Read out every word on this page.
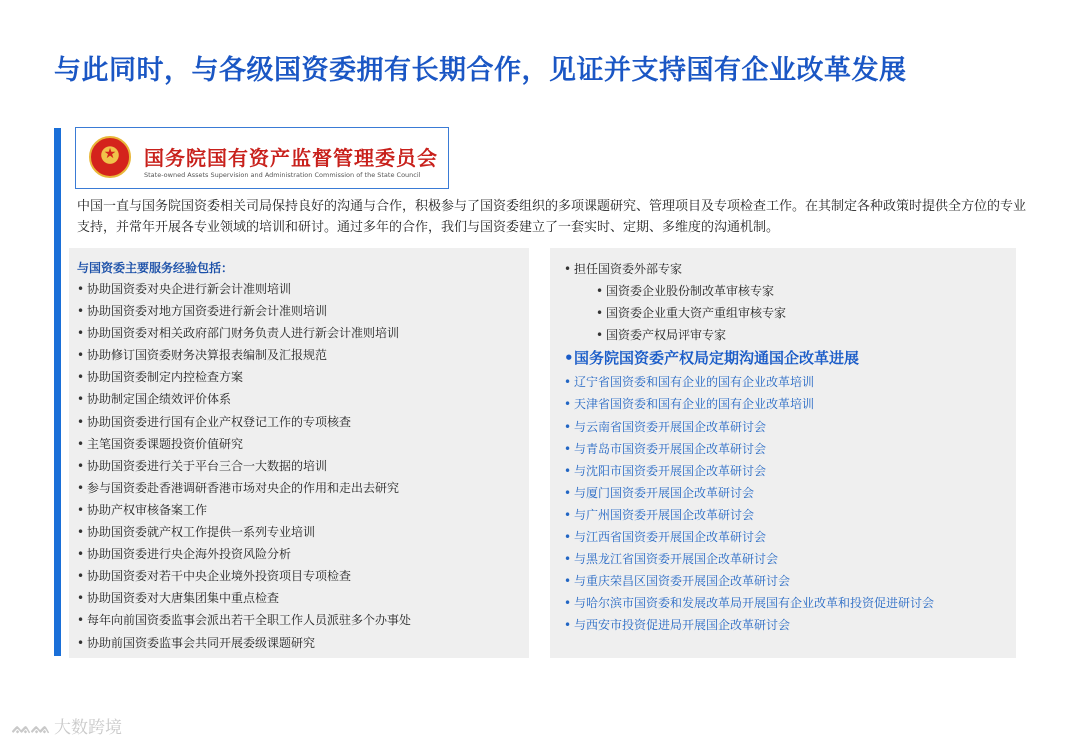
与此同时，与各级国资委拥有长期合作，见证并支持国有企业改革发展
★	国务院国有资产监督管理委员会
State-owned Assets Supervision and Administration Commission of the State Council

中国一直与国务院国资委相关司局保持良好的沟通与合作，积极参与了国资委组织的多项课题研究、管理项目及专项检查工作。在其制定各种政策时提供全方位的专业支持，并常年开展各专业领域的培训和研讨。通过多年的合作，我们与国资委建立了一套实时、定期、多维度的沟通机制。

与国资委主要服务经验包括：
• 协助国资委对央企进行新会计准则培训
• 协助国资委对地方国资委进行新会计准则培训
• 协助国资委对相关政府部门财务负责人进行新会计准则培训
• 协助修订国资委财务决算报表编制及汇报规范
• 协助国资委制定内控检查方案
• 协助制定国企绩效评价体系
• 协助国资委进行国有企业产权登记工作的专项核查
• 主笔国资委课题投资价值研究
• 协助国资委进行关于平台三合一大数据的培训
• 参与国资委赴香港调研香港市场对央企的作用和走出去研究
• 协助产权审核备案工作
• 协助国资委就产权工作提供一系列专业培训
• 协助国资委进行央企海外投资风险分析
• 协助国资委对若干中央企业境外投资项目专项检查
• 协助国资委对大唐集团集中重点检查
• 每年向前国资委监事会派出若干全职工作人员派驻多个办事处
• 协助前国资委监事会共同开展委级课题研究
• 担任国资委外部专家
• 国资委企业股份制改革审核专家
• 国资委企业重大资产重组审核专家
• 国资委产权局评审专家
• 国务院国资委产权局定期沟通国企改革进展
• 辽宁省国资委和国有企业的国有企业改革培训
• 天津省国资委和国有企业的国有企业改革培训
• 与云南省国资委开展国企改革研讨会
• 与青岛市国资委开展国企改革研讨会
• 与沈阳市国资委开展国企改革研讨会
• 与厦门国资委开展国企改革研讨会
• 与广州国资委开展国企改革研讨会
• 与江西省国资委开展国企改革研讨会
• 与黑龙江省国资委开展国企改革研讨会
• 与重庆荣昌区国资委开展国企改革研讨会
• 与哈尔滨市国资委和发展改革局开展国有企业改革和投资促进研讨会
• 与西安市投资促进局开展国企改革研讨会
ᨐᨐ 大数跨境
